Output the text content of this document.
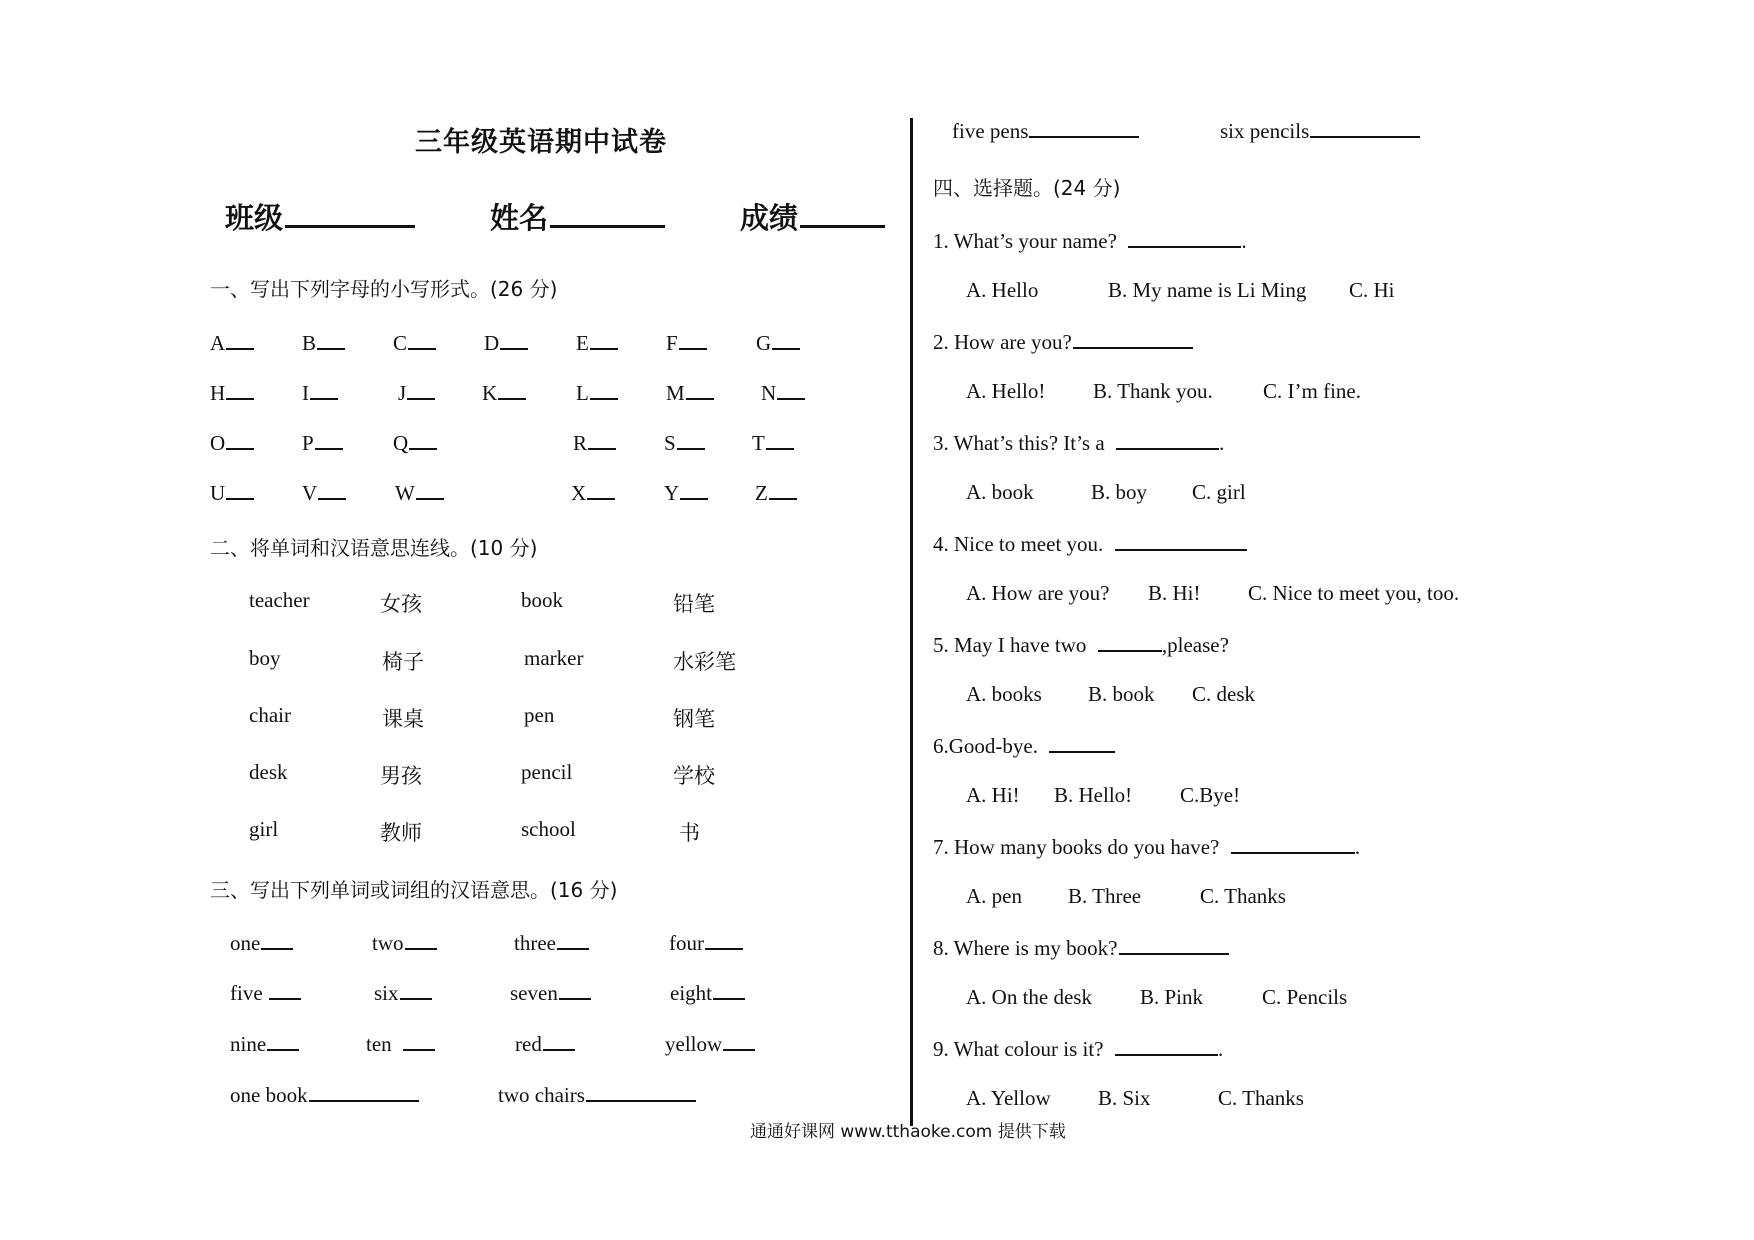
三年级英语期中试卷
班级	姓名	成绩
一、写出下列字母的小写形式。(26 分)
A	B	C	D	E	F	G
H	I	J	K	L	M	N
O	P	Q	R	S	T
U	V	W	X	Y	Z
二、将单词和汉语意思连线。(10 分)
teacher	女孩	book	铅笔
boy	椅子	marker	水彩笔
chair	课桌	pen	钢笔
desk	男孩	pencil	学校
girl	教师	school	书
三、写出下列单词或词组的汉语意思。(16 分)
one	two	three	four
five	six	seven	eight
nine	ten	red	yellow
one book	two chairs
five pens	six pencils
四、选择题。(24 分)
1. What’s your name?	.
A. Hello	B. My name is Li Ming C. Hi
2. How are you?
A. Hello! B. Thank you. C. I’m fine.
3. What’s this? It’s a	.
A. book	B. boy C. girl
4. Nice to meet you.
A. How are you? B. Hi! C. Nice to meet you, too.
5. May I have two	,please?
A. books B. book C. desk
6.Good-bye.
A. Hi! B. Hello! C.Bye!
7. How many books do you have?	.
A. pen B. Three	C. Thanks
8. Where is my book?
A. On the desk B. Pink	C. Pencils
9. What colour is it?	.
A. Yellow B. Six	C. Thanks
通通好课网 www.tthaoke.com 提供下载
